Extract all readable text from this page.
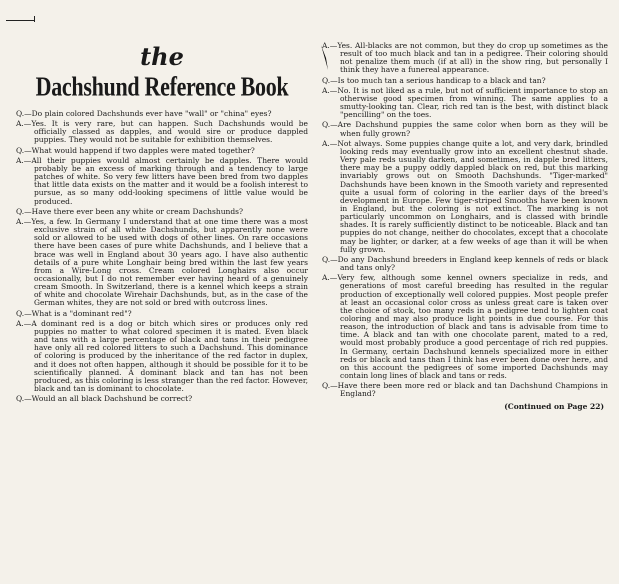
the
Dachshund Reference Book

Q.—Do plain colored Dachshunds ever have "wall" or "china" eyes?

A.—Yes. It is very rare, but can happen. Such Dachshunds would be officially classed as dapples, and would sire or produce dappled puppies. They would not be suitable for exhibition themselves.

Q.—What would happend if two dapples were mated together?

A.—All their puppies would almost certainly be dapples. There would probably be an excess of marking through and a tendency to large patches of white. So very few litters have been bred from two dapples that little data exists on the matter and it would be a foolish interest to pursue, as so many odd-looking specimens of little value would be produced.

Q.—Have there ever been any white or cream Dachshunds?

A.—Yes, a few. In Germany I understand that at one time there was a most exclusive strain of all white Dachshunds, but apparently none were sold or allowed to be used with dogs of other lines. On rare occasions there have been cases of pure white Dachshunds, and I believe that a brace was well in England about 30 years ago. I have also authentic details of a pure white Longhair being bred within the last few years from a Wire-Long cross. Cream colored Longhairs also occur occasionally, but I do not remember ever having heard of a genuinely cream Smooth. In Switzerland, there is a kennel which keeps a strain of white and chocolate Wirehair Dachshunds, but, as in the case of the German whites, they are not sold or bred with outcross lines.

Q.—What is a "dominant red"?

A.—A dominant red is a dog or bitch which sires or produces only red puppies no matter to what colored specimen it is mated. Even black and tans with a large percentage of black and tans in their pedigree have only all red colored litters to such a Dachshund. This dominance of coloring is produced by the inheritance of the red factor in duplex, and it does not often happen, although it should be possible for it to be scientifically planned. A dominant black and tan has not been produced, as this coloring is less stranger than the red factor. However, black and tan is dominant to chocolate.

Q.—Would an all black Dachshund be correct?

A.—Yes. All-blacks are not common, but they do crop up sometimes as the result of too much black and tan in a pedigree. Their coloring should not penalize them much (if at all) in the show ring, but personally I think they have a funereal appearance.

Q.—Is too much tan a serious handicap to a black and tan?

A.—No. It is not liked as a rule, but not of sufficient importance to stop an otherwise good specimen from winning. The same applies to a smutty-looking tan. Clear, rich red tan is the best, with distinct black "pencilling" on the toes.

Q.—Are Dachshund puppies the same color when born as they will be when fully grown?

A.—Not always. Some puppies change quite a lot, and very dark, brindled looking reds may eventually grow into an excellent chestnut shade. Very pale reds usually darken, and sometimes, in dapple bred litters, there may be a puppy oddly dappled black on red, but this marking invariably grows out on Smooth Dachshunds. "Tiger-marked" Dachshunds have been known in the Smooth variety and represented quite a usual form of coloring in the earlier days of the breed's development in Europe. Few tiger-striped Smooths have been known in England, but the coloring is not extinct. The marking is not particularly uncommon on Longhairs, and is classed with brindle shades. It is rarely sufficiently distinct to be noticeable. Black and tan puppies do not change, neither do chocolates, except that a chocolate may be lighter, or darker, at a few weeks of age than it will be when fully grown.

Q.—Do any Dachshund breeders in England keep kennels of reds or black and tans only?

A.—Very few, although some kennel owners specialize in reds, and generations of most careful breeding has resulted in the regular production of exceptionally well colored puppies. Most people prefer at least an occasional color cross as unless great care is taken over the choice of stock, too many reds in a pedigree tend to lighten coat coloring and may also produce light points in due course. For this reason, the introduction of black and tans is advisable from time to time. A black and tan with one chocolate parent, mated to a red, would most probably produce a good percentage of rich red puppies. In Germany, certain Dachshund kennels specialized more in either reds or black and tans than I think has ever been done over here, and on this account the pedigrees of some imported Dachshunds may contain long lines of black and tans or reds.

Q.—Have there been more red or black and tan Dachshund Champions in England?

(Continued on Page 22)
